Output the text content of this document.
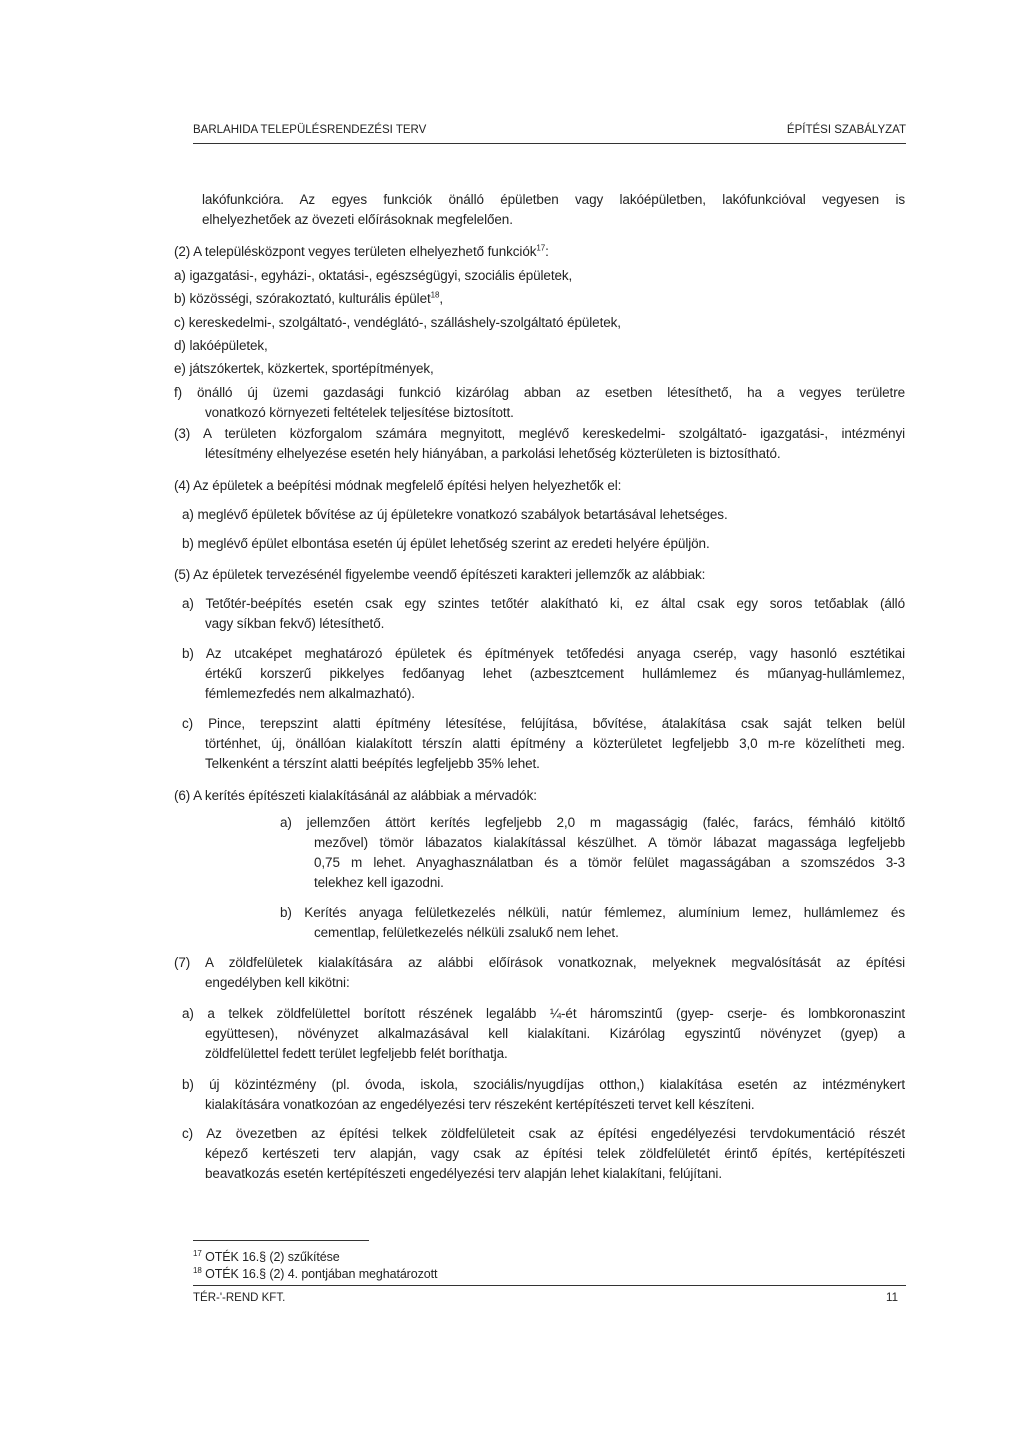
BARLAHIDA TELEPÜLÉSRENDEZÉSI TERV	ÉPÍTÉSI SZABÁLYZAT
lakófunkcióra. Az egyes funkciók önálló épületben vagy lakóépületben, lakófunkcióval vegyesen is
elhelyezhetőek az övezeti előírásoknak megfelelően.
(2) A településközpont vegyes területen elhelyezhető funkciók$^{17}$:
a) igazgatási-, egyházi-, oktatási-, egészségügyi, szociális épületek,
b) közösségi, szórakoztató, kulturális épület$^{18}$,
c) kereskedelmi-, szolgáltató-, vendéglátó-, szálláshely-szolgáltató épületek,
d) lakóépületek,
e) játszókertek, közkertek, sportépítmények,
f) önálló új üzemi gazdasági funkció kizárólag abban az esetben létesíthető, ha a vegyes területre
vonatkozó környezeti feltételek teljesítése biztosított.
(3) A területen közforgalom számára megnyitott, meglévő kereskedelmi- szolgáltató- igazgatási-, intézményi
létesítmény elhelyezése esetén hely hiányában, a parkolási lehetőség közterületen is biztosítható.
(4) Az épületek a beépítési módnak megfelelő építési helyen helyezhetők el:
a) meglévő épületek bővítése az új épületekre vonatkozó szabályok betartásával lehetséges.
b) meglévő épület elbontása esetén új épület lehetőség szerint az eredeti helyére épüljön.
(5) Az épületek tervezésénél figyelembe veendő építészeti karakteri jellemzők az alábbiak:
a) Tetőtér-beépítés esetén csak egy szintes tetőtér alakítható ki, ez által csak egy soros tetőablak (álló
vagy síkban fekvő) létesíthető.
b) Az utcaképet meghatározó épületek és építmények tetőfedési anyaga cserép, vagy hasonló esztétikai
értékű korszerű pikkelyes fedőanyag lehet (azbesztcement hullámlemez és műanyag-hullámlemez,
fémlemezfedés nem alkalmazható).
c) Pince, terepszint alatti építmény létesítése, felújítása, bővítése, átalakítása csak saját telken belül
történhet, új, önállóan kialakított térszín alatti építmény a közterületet legfeljebb 3,0 m-re közelítheti meg.
Telkenként a térszínt alatti beépítés legfeljebb 35% lehet.
(6) A kerítés építészeti kialakításánál az alábbiak a mérvadók:
a) jellemzően áttört kerítés legfeljebb 2,0 m magasságig (faléc, farács, fémháló kitöltő
mezővel) tömör lábazatos kialakítással készülhet. A tömör lábazat magassága legfeljebb
0,75 m lehet. Anyaghasználatban és a tömör felület magasságában a szomszédos 3-3
telekhez kell igazodni.
b) Kerítés anyaga felületkezelés nélküli, natúr fémlemez, alumínium lemez, hullámlemez és
cementlap, felületkezelés nélküli zsalukő nem lehet.
(7) A zöldfelületek kialakítására az alábbi előírások vonatkoznak, melyeknek megvalósítását az építési
engedélyben kell kikötni:
a) a telkek zöldfelülettel borított részének legalább ¼-ét háromszintű (gyep- cserje- és lombkoronaszint
együttesen), növényzet alkalmazásával kell kialakítani. Kizárólag egyszintű növényzet (gyep) a
zöldfelülettel fedett terület legfeljebb felét boríthatja.
b) új közintézmény (pl. óvoda, iskola, szociális/nyugdíjas otthon,) kialakítása esetén az intézménykert
kialakítására vonatkozóan az engedélyezési terv részeként kertépítészeti tervet kell készíteni.
c) Az övezetben az építési telkek zöldfelületeit csak az építési engedélyezési tervdokumentáció részét
képező kertészeti terv alapján, vagy csak az építési telek zöldfelületét érintő építés, kertépítészeti
beavatkozás esetén kertépítészeti engedélyezési terv alapján lehet kialakítani, felújítani.
$^{17}$ OTÉK 16.§ (2) szűkítése
$^{18}$ OTÉK 16.§ (2) 4. pontjában meghatározott
TÉR-'-REND KFT.	11
